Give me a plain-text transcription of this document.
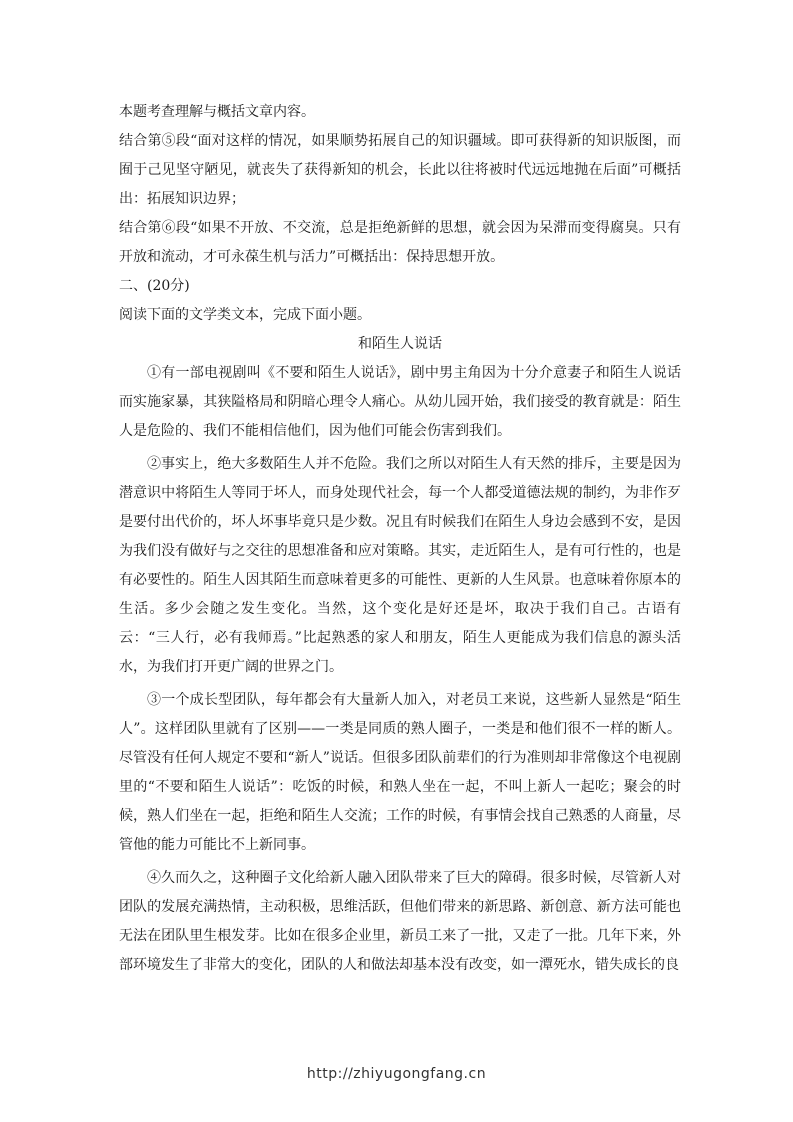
本题考查理解与概括文章内容。

结合第⑤段“面对这样的情况，如果顺势拓展自己的知识疆域。即可获得新的知识版图，而囿于己见坚守陋见，就丧失了获得新知的机会，长此以往将被时代远远地抛在后面”可概括出：拓展知识边界；

结合第⑥段“如果不开放、不交流，总是拒绝新鲜的思想，就会因为呆滞而变得腐臭。只有开放和流动，才可永葆生机与活力”可概括出：保持思想开放。

二、(20分)

阅读下面的文学类文本，完成下面小题。

和陌生人说话

①有一部电视剧叫《不要和陌生人说话》，剧中男主角因为十分介意妻子和陌生人说话而实施家暴，其狭隘格局和阴暗心理令人痛心。从幼儿园开始，我们接受的教育就是：陌生人是危险的、我们不能相信他们，因为他们可能会伤害到我们。

②事实上，绝大多数陌生人并不危险。我们之所以对陌生人有天然的排斥，主要是因为潜意识中将陌生人等同于坏人，而身处现代社会，每一个人都受道德法规的制约，为非作歹是要付出代价的，坏人坏事毕竟只是少数。况且有时候我们在陌生人身边会感到不安，是因为我们没有做好与之交往的思想准备和应对策略。其实，走近陌生人，是有可行性的，也是有必要性的。陌生人因其陌生而意味着更多的可能性、更新的人生风景。也意味着你原本的生活。多少会随之发生变化。当然，这个变化是好还是坏，取决于我们自己。古语有云：“三人行，必有我师焉。”比起熟悉的家人和朋友，陌生人更能成为我们信息的源头活水，为我们打开更广阔的世界之门。

③一个成长型团队，每年都会有大量新人加入，对老员工来说，这些新人显然是“陌生人”。这样团队里就有了区别——一类是同质的熟人圈子，一类是和他们很不一样的断人。尽管没有任何人规定不要和“新人”说话。但很多团队前辈们的行为准则却非常像这个电视剧里的“不要和陌生人说话”：吃饭的时候，和熟人坐在一起，不叫上新人一起吃；聚会的时候，熟人们坐在一起，拒绝和陌生人交流；工作的时候，有事情会找自己熟悉的人商量，尽管他的能力可能比不上新同事。

④久而久之，这种圈子文化给新人融入团队带来了巨大的障碍。很多时候，尽管新人对团队的发展充满热情，主动积极，思维活跃，但他们带来的新思路、新创意、新方法可能也无法在团队里生根发芽。比如在很多企业里，新员工来了一批，又走了一批。几年下来，外部环境发生了非常大的变化，团队的人和做法却基本没有改变，如一潭死水，错失成长的良

http://zhiyugongfang.cn
